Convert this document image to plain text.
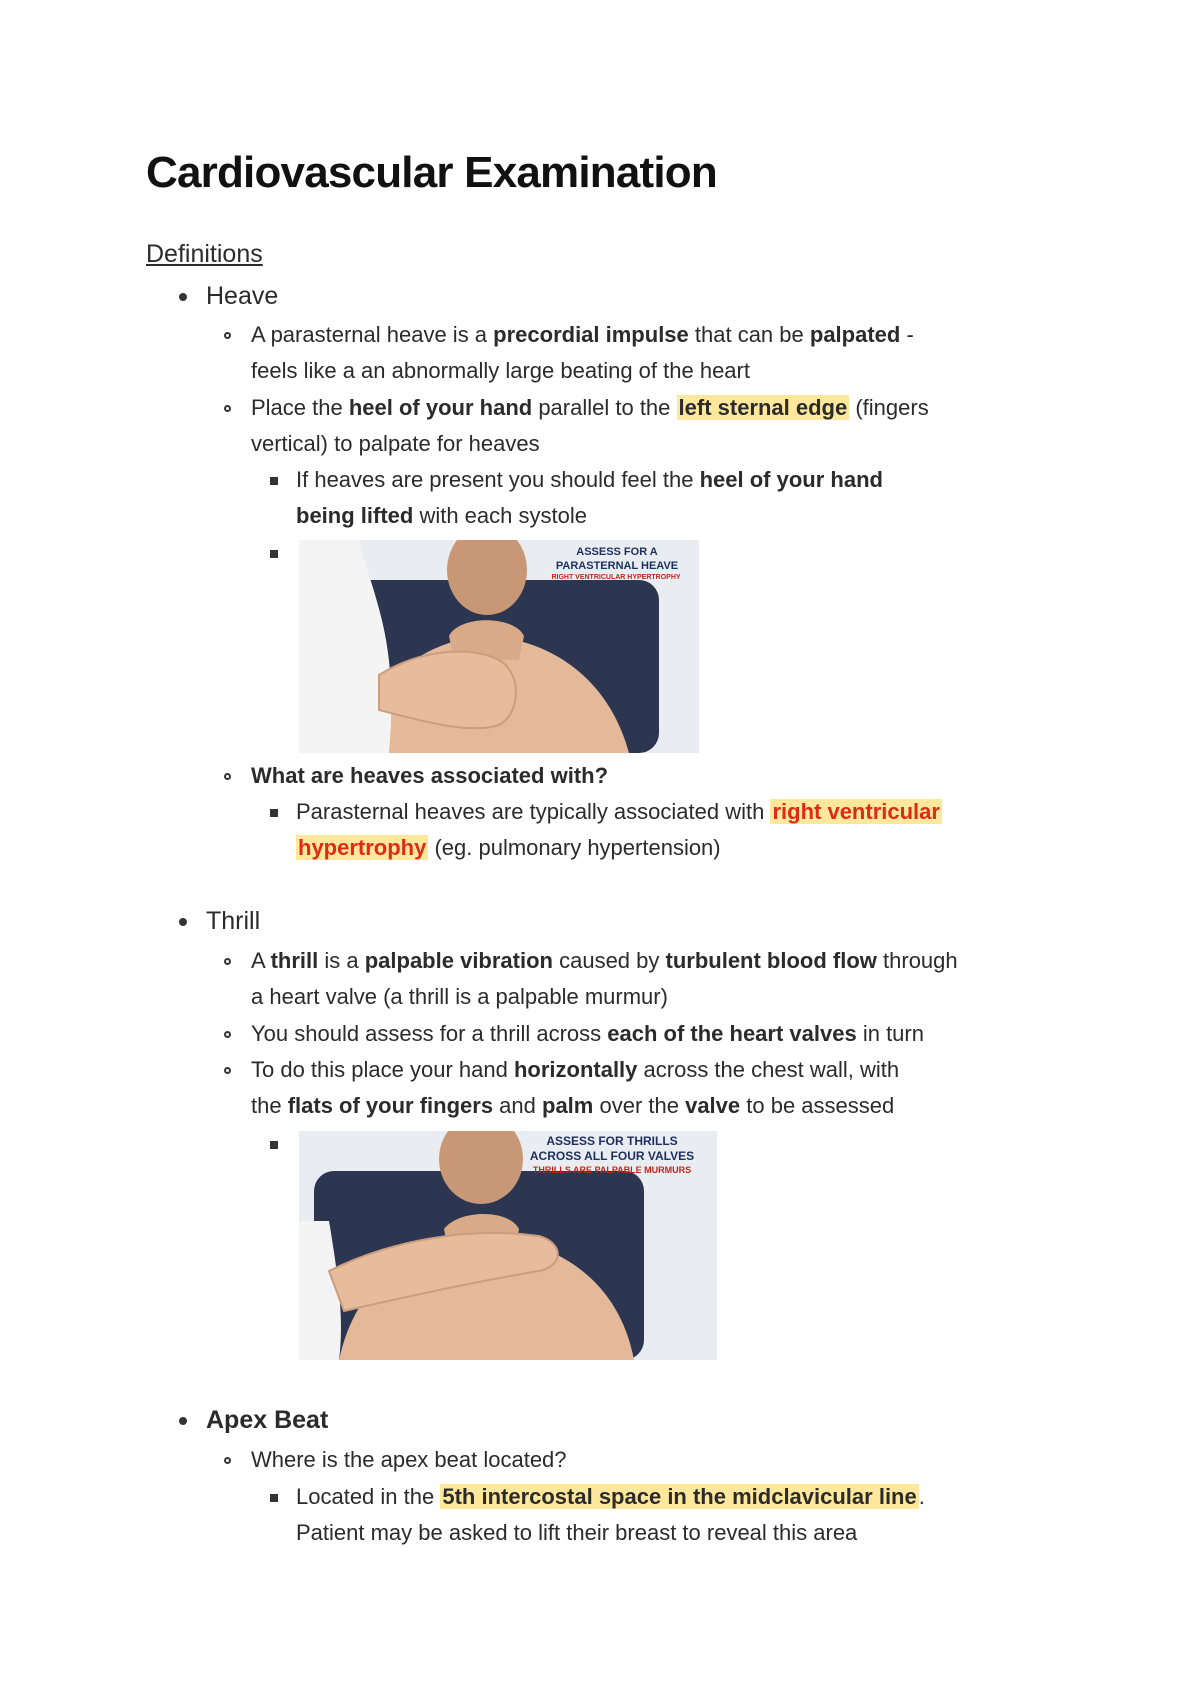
Cardiovascular Examination
Definitions
Heave
A parasternal heave is a precordial impulse that can be palpated -
feels like a an abnormally large beating of the heart
Place the heel of your hand parallel to the left sternal edge (fingers
vertical) to palpate for heaves
If heaves are present you should feel the heel of your hand
being lifted with each systole
ASSESS FOR A
PARASTERNAL HEAVE
RIGHT VENTRICULAR HYPERTROPHY
What are heaves associated with?
Parasternal heaves are typically associated with right ventricular
hypertrophy (eg. pulmonary hypertension)
Thrill
A thrill is a palpable vibration caused by turbulent blood flow through
a heart valve (a thrill is a palpable murmur)
You should assess for a thrill across each of the heart valves in turn
To do this place your hand horizontally across the chest wall, with
the flats of your fingers and palm over the valve to be assessed
ASSESS FOR THRILLS
ACROSS ALL FOUR VALVES
THRILLS ARE PALPABLE MURMURS
Apex Beat
Where is the apex beat located?
Located in the 5th intercostal space in the midclavicular line.
Patient may be asked to lift their breast to reveal this area
